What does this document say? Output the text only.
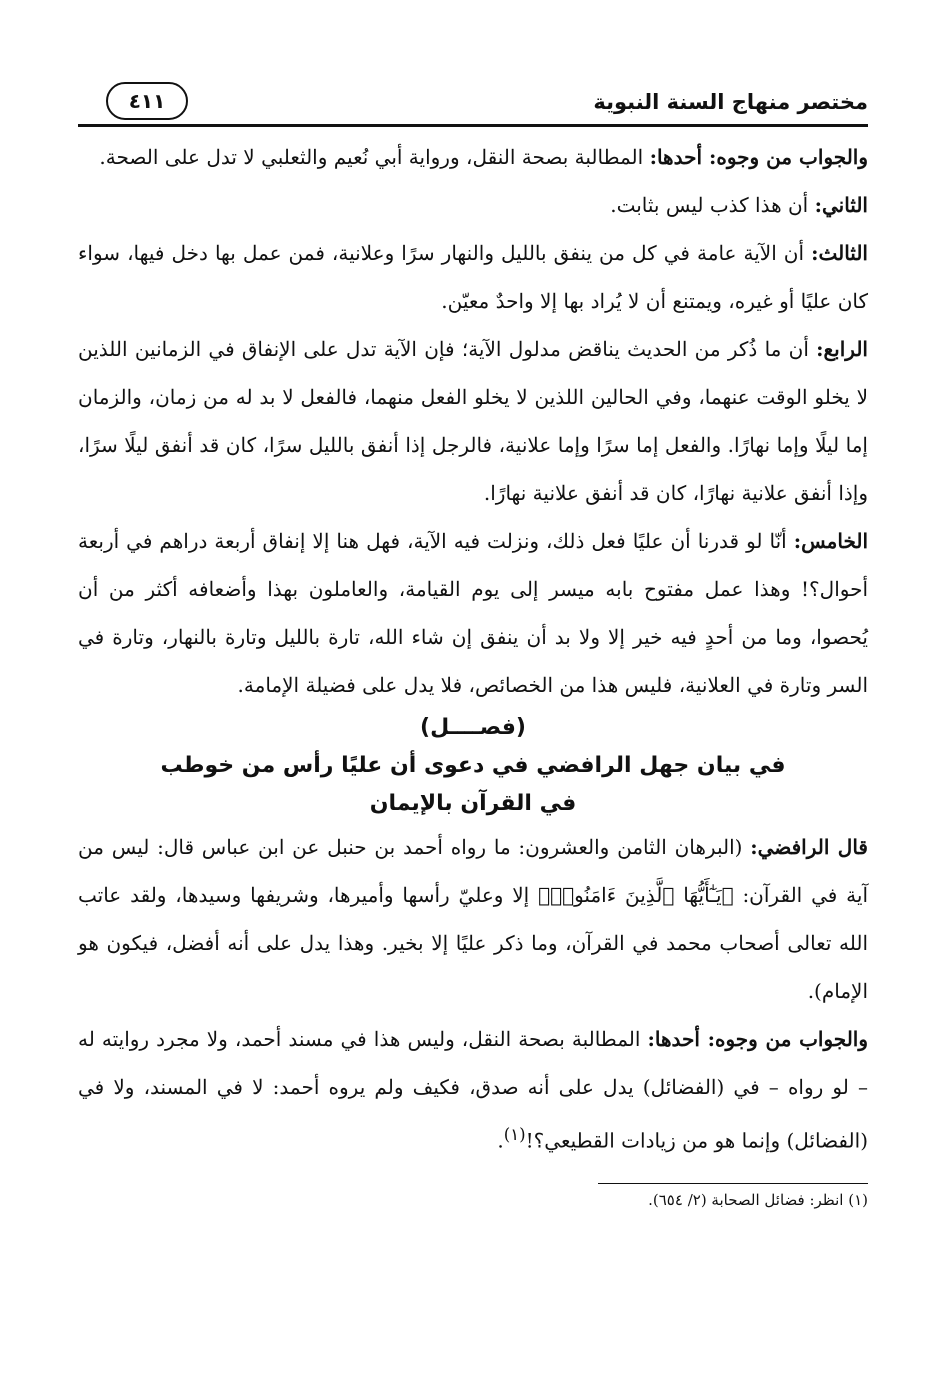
مختصر منهاج السنة النبوية
٤١١

والجواب من وجوه: أحدها: المطالبة بصحة النقل، ورواية أبي نُعيم والثعلبي لا تدل على الصحة.

الثاني: أن هذا كذب ليس بثابت.

الثالث: أن الآية عامة في كل من ينفق بالليل والنهار سرًا وعلانية، فمن عمل بها دخل فيها، سواء كان عليًا أو غيره، ويمتنع أن لا يُراد بها إلا واحدٌ معيّن.

الرابع: أن ما ذُكر من الحديث يناقض مدلول الآية؛ فإن الآية تدل على الإنفاق في الزمانين اللذين لا يخلو الوقت عنهما، وفي الحالين اللذين لا يخلو الفعل منهما، فالفعل لا بد له من زمان، والزمان إما ليلًا وإما نهارًا. والفعل إما سرًا وإما علانية، فالرجل إذا أنفق بالليل سرًا، كان قد أنفق ليلًا سرًا، وإذا أنفق علانية نهارًا، كان قد أنفق علانية نهارًا.

الخامس: أنّا لو قدرنا أن عليًا فعل ذلك، ونزلت فيه الآية، فهل هنا إلا إنفاق أربعة دراهم في أربعة أحوال؟! وهذا عمل مفتوح بابه ميسر إلى يوم القيامة، والعاملون بهذا وأضعافه أكثر من أن يُحصوا، وما من أحدٍ فيه خير إلا ولا بد أن ينفق إن شاء الله، تارة بالليل وتارة بالنهار، وتارة في السر وتارة في العلانية، فليس هذا من الخصائص، فلا يدل على فضيلة الإمامة.

(فصــــل)
في بيان جهل الرافضي في دعوى أن عليًا رأس من خوطب
في القرآن بالإيمان

قال الرافضي: (البرهان الثامن والعشرون: ما رواه أحمد بن حنبل عن ابن عباس قال: ليس من آية في القرآن: ﴿يَـٰٓأَيُّهَا ٱلَّذِينَ ءَامَنُوا۟﴾ إلا وعليّ رأسها وأميرها، وشريفها وسيدها، ولقد عاتب الله تعالى أصحاب محمد في القرآن، وما ذكر عليًا إلا بخير. وهذا يدل على أنه أفضل، فيكون هو الإمام).

والجواب من وجوه: أحدها: المطالبة بصحة النقل، وليس هذا في مسند أحمد، ولا مجرد روايته له – لو رواه – في (الفضائل) يدل على أنه صدق، فكيف ولم يروه أحمد: لا في المسند، ولا في (الفضائل) وإنما هو من زيادات القطيعي؟!$^{(١)}$.

(١) انظر: فضائل الصحابة (٢/ ٦٥٤).
